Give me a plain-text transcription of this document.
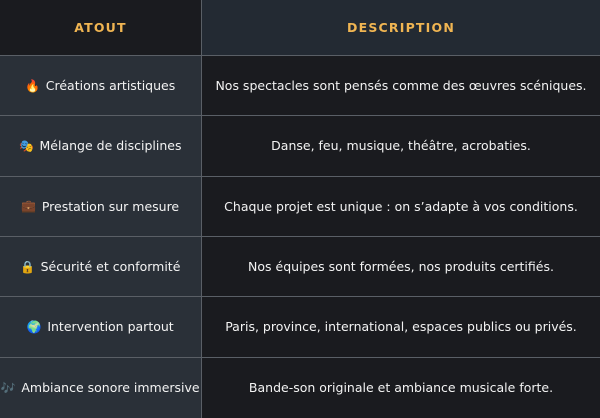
ATOUT	DESCRIPTION
🔥 Créations artistiques	Nos spectacles sont pensés comme des œuvres scéniques.
🎭 Mélange de disciplines	Danse, feu, musique, théâtre, acrobaties.
💼 Prestation sur mesure	Chaque projet est unique : on s’adapte à vos conditions.
🔒 Sécurité et conformité	Nos équipes sont formées, nos produits certifiés.
🌍 Intervention partout	Paris, province, international, espaces publics ou privés.
🎶 Ambiance sonore immersive	Bande-son originale et ambiance musicale forte.
